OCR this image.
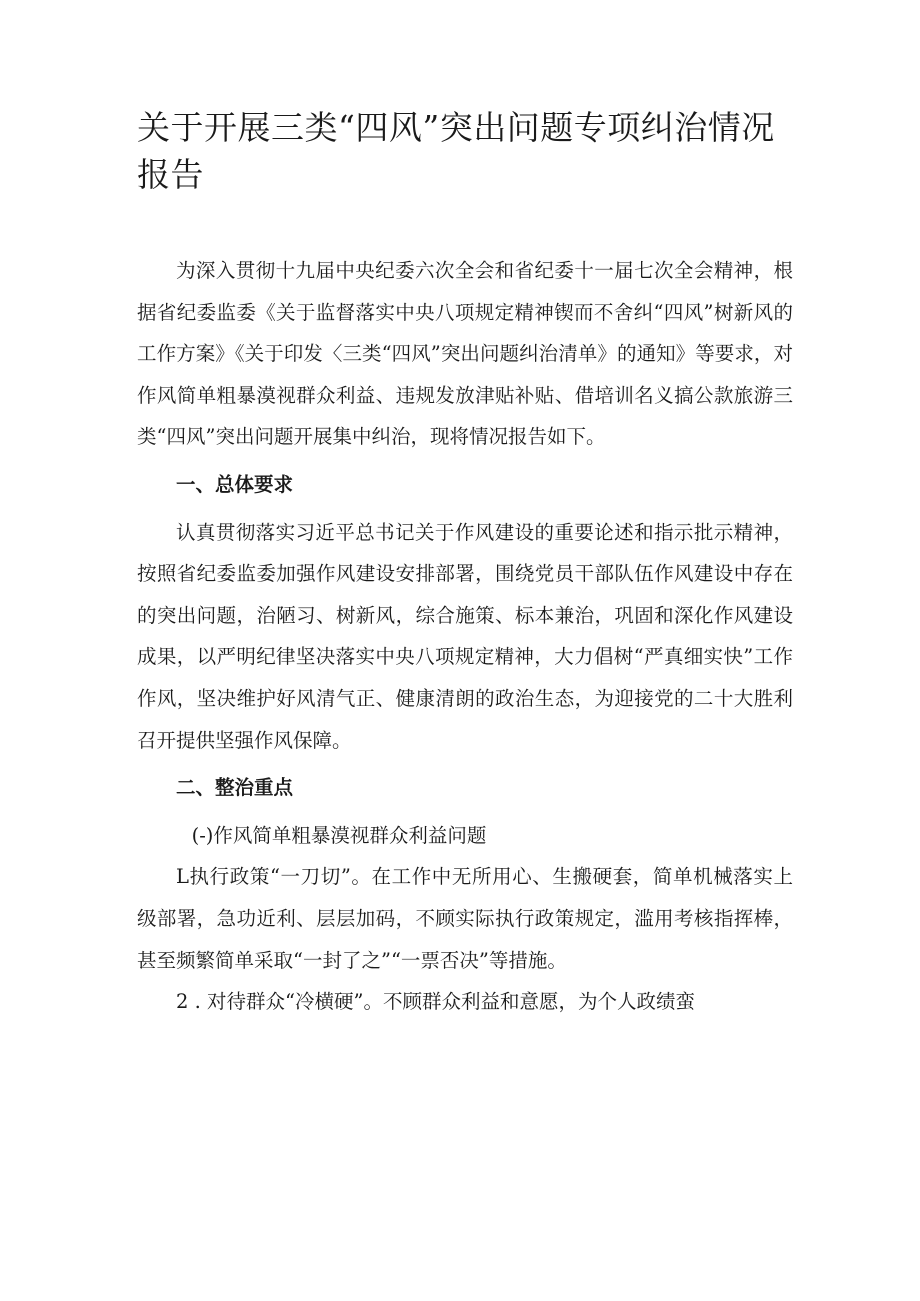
关于开展三类“四风”突出问题专项纠治情况报告

为深入贯彻十九届中央纪委六次全会和省纪委十一届七次全会精神，根据省纪委监委《关于监督落实中央八项规定精神锲而不舍纠“四风”树新风的工作方案》《关于印发〈三类“四风”突出问题纠治清单》的通知》等要求，对作风简单粗暴漠视群众利益、违规发放津贴补贴、借培训名义搞公款旅游三类“四风”突出问题开展集中纠治，现将情况报告如下。

一、总体要求

认真贯彻落实习近平总书记关于作风建设的重要论述和指示批示精神，按照省纪委监委加强作风建设安排部署，围绕党员干部队伍作风建设中存在的突出问题，治陋习、树新风，综合施策、标本兼治，巩固和深化作风建设成果，以严明纪律坚决落实中央八项规定精神，大力倡树“严真细实快”工作作风，坚决维护好风清气正、健康清朗的政治生态，为迎接党的二十大胜利召开提供坚强作风保障。

二、整治重点

(-)作风简单粗暴漠视群众利益问题

L执行政策“一刀切”。在工作中无所用心、生搬硬套，简单机械落实上级部署，急功近利、层层加码，不顾实际执行政策规定，滥用考核指挥棒，甚至频繁简单采取“一封了之”“一票否决”等措施。

2 . 对待群众“冷横硬”。不顾群众利益和意愿，为个人政绩蛮
